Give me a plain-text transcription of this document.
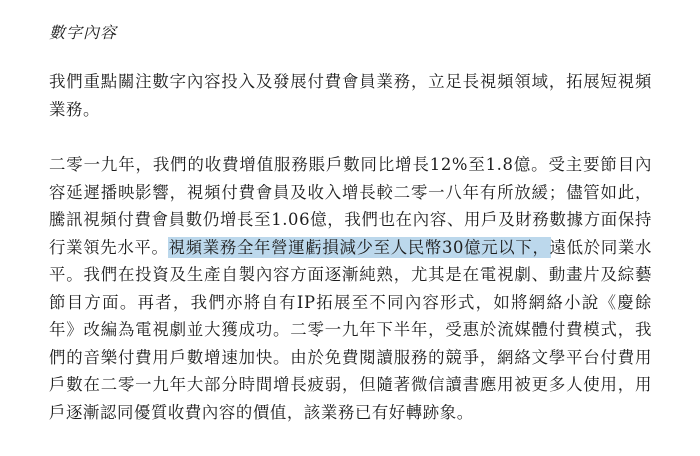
數字內容

我們重點關注數字內容投入及發展付費會員業務，立足長視頻領域，拓展短視頻業務。

二零一九年，我們的收費增值服務賬戶數同比增長12%至1.8億。受主要節目內容延遲播映影響，視頻付費會員及收入增長較二零一八年有所放緩；儘管如此，騰訊視頻付費會員數仍增長至1.06億，我們也在內容、用戶及財務數據方面保持行業領先水平。視頻業務全年營運虧損減少至人民幣30億元以下，遠低於同業水平。我們在投資及生產自製內容方面逐漸純熟，尤其是在電視劇、動畫片及綜藝節目方面。再者，我們亦將自有IP拓展至不同內容形式，如將網絡小說《慶餘年》改編為電視劇並大獲成功。二零一九年下半年，受惠於流媒體付費模式，我們的音樂付費用戶數增速加快。由於免費閱讀服務的競爭，網絡文學平台付費用戶數在二零一九年大部分時間增長疲弱，但隨著微信讀書應用被更多人使用，用戶逐漸認同優質收費內容的價值，該業務已有好轉跡象。
